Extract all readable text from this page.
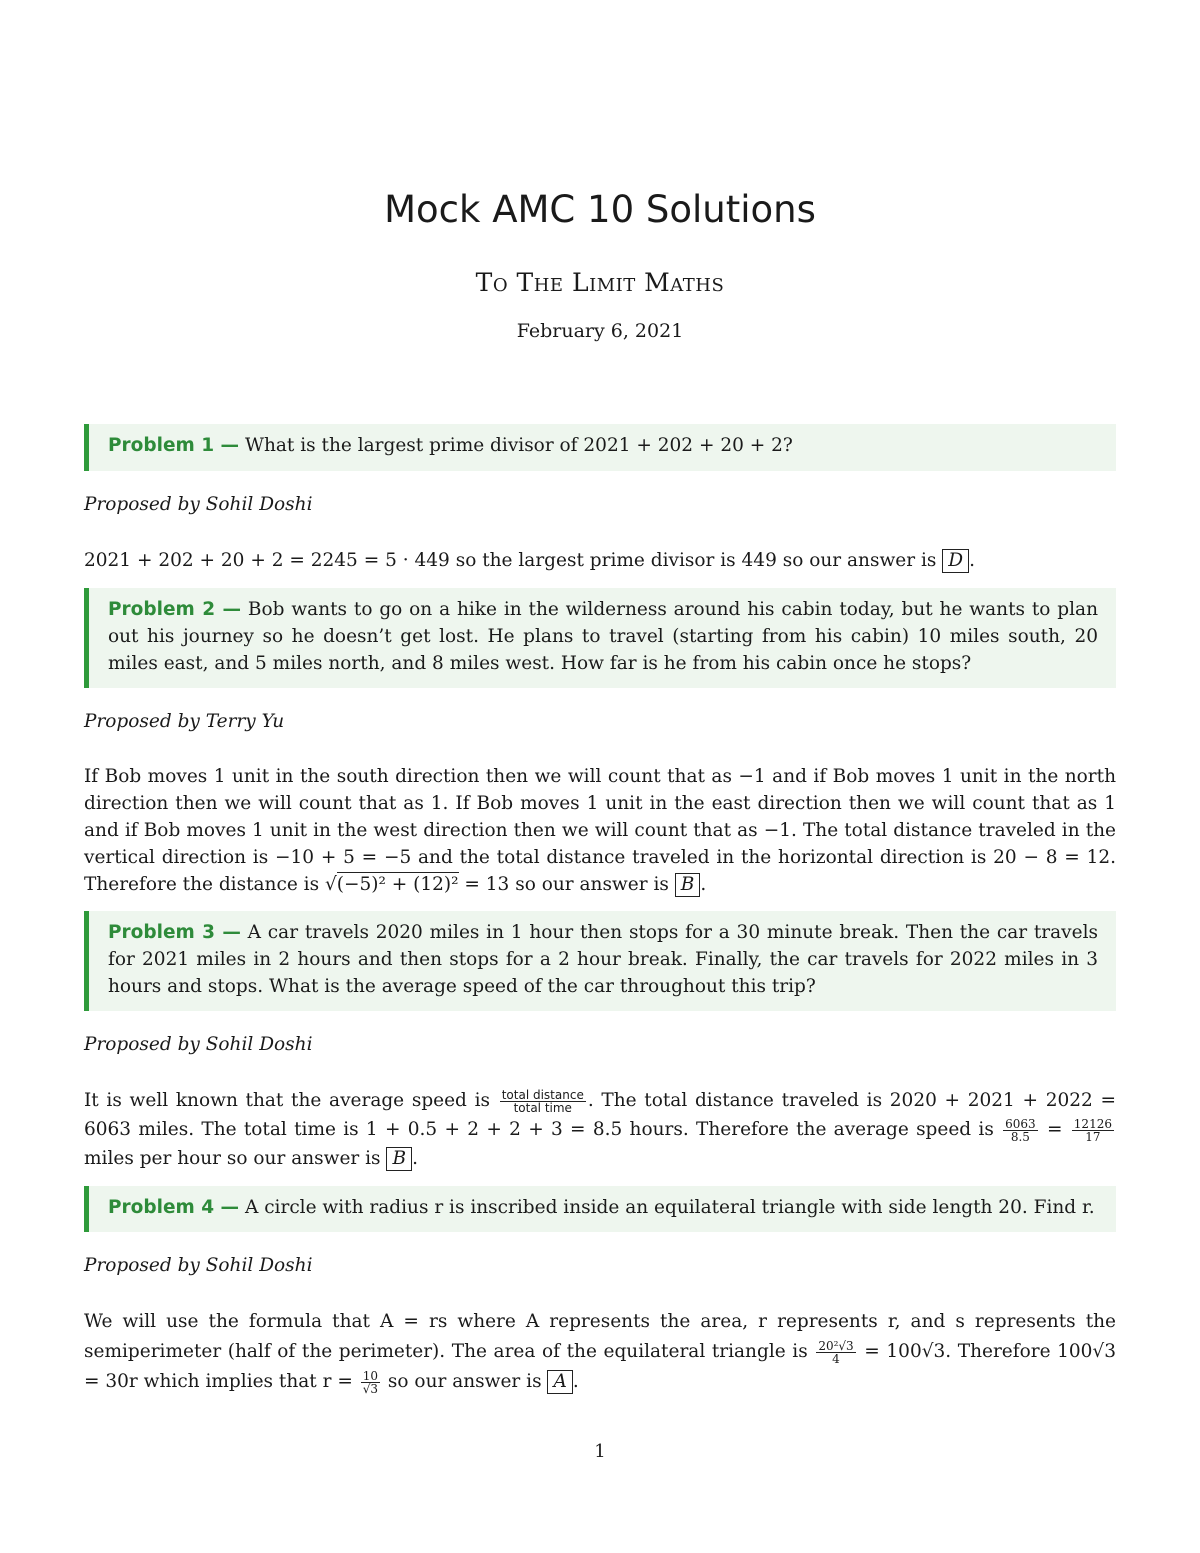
Mock AMC 10 Solutions
To The Limit Maths
February 6, 2021
Problem 1 — What is the largest prime divisor of 2021 + 202 + 20 + 2?
Proposed by Sohil Doshi
2021 + 202 + 20 + 2 = 2245 = 5 · 449 so the largest prime divisor is 449 so our answer is D .
Problem 2 — Bob wants to go on a hike in the wilderness around his cabin today, but he wants to plan out his journey so he doesn’t get lost. He plans to travel (starting from his cabin) 10 miles south, 20 miles east, and 5 miles north, and 8 miles west. How far is he from his cabin once he stops?
Proposed by Terry Yu
If Bob moves 1 unit in the south direction then we will count that as −1 and if Bob moves 1 unit in the north direction then we will count that as 1. If Bob moves 1 unit in the east direction then we will count that as 1 and if Bob moves 1 unit in the west direction then we will count that as −1. The total distance traveled in the vertical direction is −10 + 5 = −5 and the total distance traveled in the horizontal direction is 20 − 8 = 12. Therefore the distance is √(−5)² + (12)² = 13 so our answer is B .
Problem 3 — A car travels 2020 miles in 1 hour then stops for a 30 minute break. Then the car travels for 2021 miles in 2 hours and then stops for a 2 hour break. Finally, the car travels for 2022 miles in 3 hours and stops. What is the average speed of the car throughout this trip?
Proposed by Sohil Doshi
It is well known that the average speed is $\frac{\text{total distance}}{\text{total time}}$ . The total distance traveled is 2020 + 2021 + 2022 = 6063 miles. The total time is 1 + 0.5 + 2 + 2 + 3 = 8.5 hours. Therefore the average speed is $\frac{6063}{8.5} = \frac{12126}{17}$
miles per hour so our answer is B .
Problem 4 — A circle with radius r is inscribed inside an equilateral triangle with side length 20. Find r.
Proposed by Sohil Doshi
We will use the formula that A = rs where A represents the area, r represents r, and s represents the semiperimeter (half of the perimeter). The area of the equilateral triangle is $\frac{\text{20²√3}}{4} = 100√3$. Therefore 100√3 = 30r which implies that $r = \frac{10}{√3}$ so our answer is A .
1
